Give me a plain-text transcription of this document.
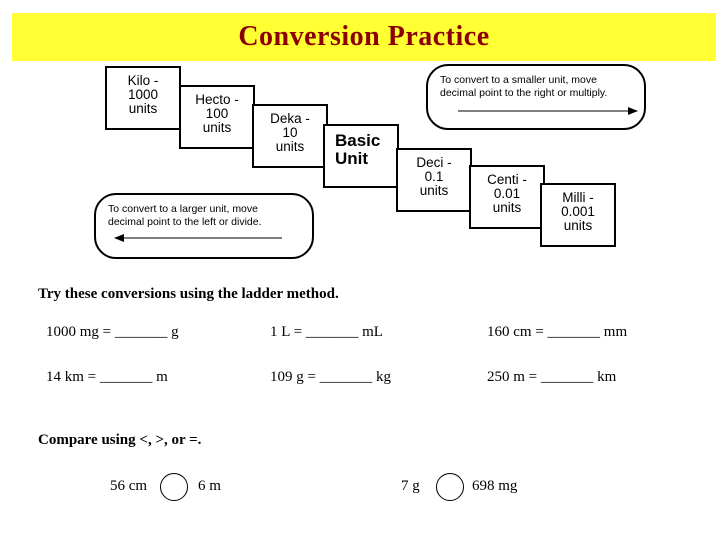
Conversion Practice
Kilo -
1000
units
Hecto -
100
units
Deka -
10
units	Basic
Unit	Deci -
0.1
units
Centi -
0.01
units
Milli -
0.001
units
To convert to a smaller unit, move
decimal point to the right or multiply.
To convert to a larger unit, move
decimal point to the left or divide.
Try these conversions using the ladder method.
1000 mg = _______ g	1 L = _______ mL	160 cm = _______ mm
14 km = _______ m	109 g = _______ kg	250 m = _______ km
Compare using <, >, or =.
56 cm	6 m	7 g	698 mg
